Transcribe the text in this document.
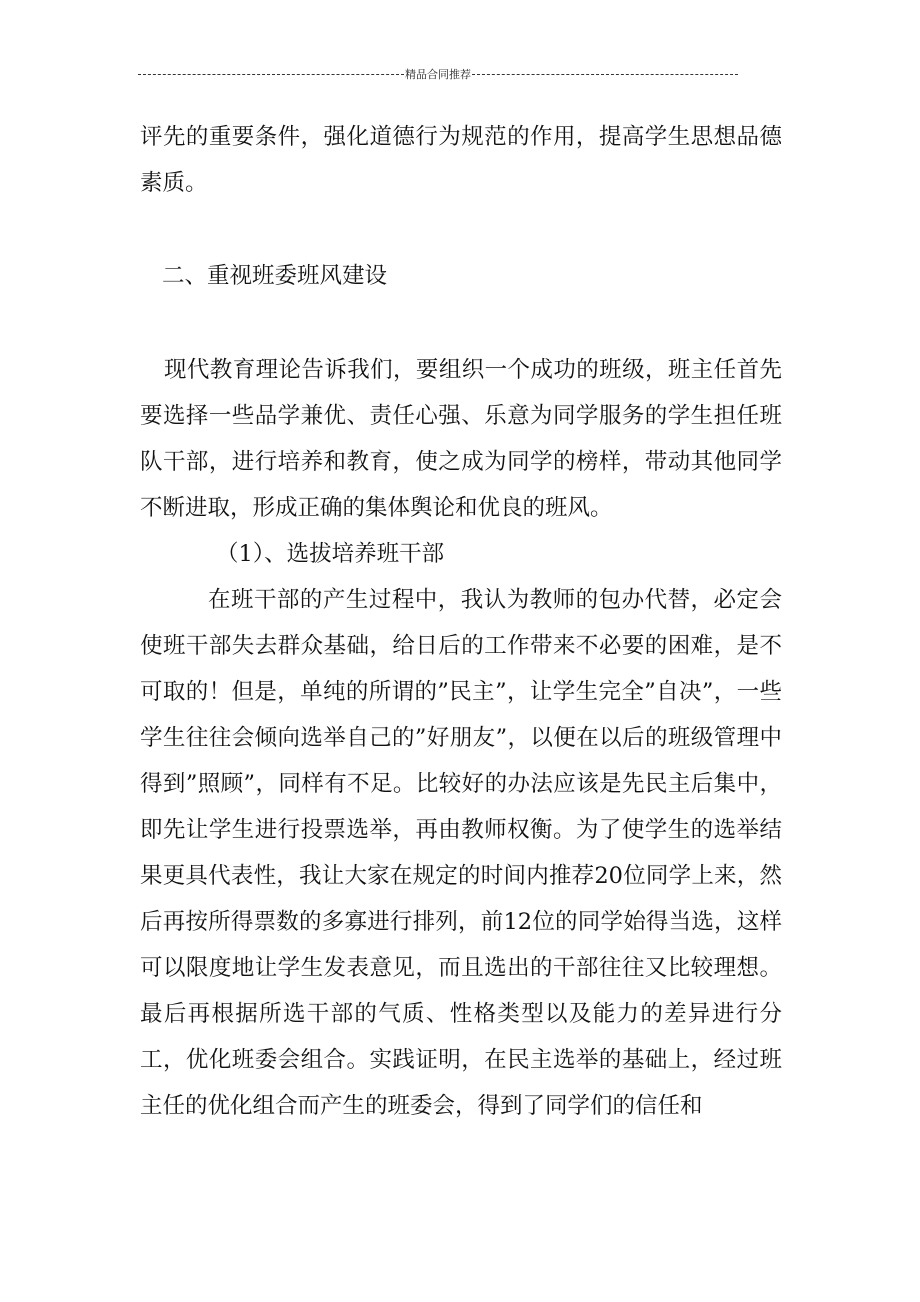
精品合同推荐

评先的重要条件，强化道德行为规范的作用，提高学生思想品德素质。

二、重视班委班风建设

现代教育理论告诉我们，要组织一个成功的班级，班主任首先要选择一些品学兼优、责任心强、乐意为同学服务的学生担任班队干部，进行培养和教育，使之成为同学的榜样，带动其他同学不断进取，形成正确的集体舆论和优良的班风。

（1）、选拔培养班干部

在班干部的产生过程中，我认为教师的包办代替，必定会使班干部失去群众基础，给日后的工作带来不必要的困难，是不可取的！但是，单纯的所谓的”民主”，让学生完全”自决”，一些学生往往会倾向选举自己的”好朋友”，以便在以后的班级管理中得到”照顾”，同样有不足。比较好的办法应该是先民主后集中，即先让学生进行投票选举，再由教师权衡。为了使学生的选举结果更具代表性，我让大家在规定的时间内推荐20位同学上来，然后再按所得票数的多寡进行排列，前12位的同学始得当选，这样可以限度地让学生发表意见，而且选出的干部往往又比较理想。最后再根据所选干部的气质、性格类型以及能力的差异进行分工，优化班委会组合。实践证明，在民主选举的基础上，经过班主任的优化组合而产生的班委会，得到了同学们的信任和
